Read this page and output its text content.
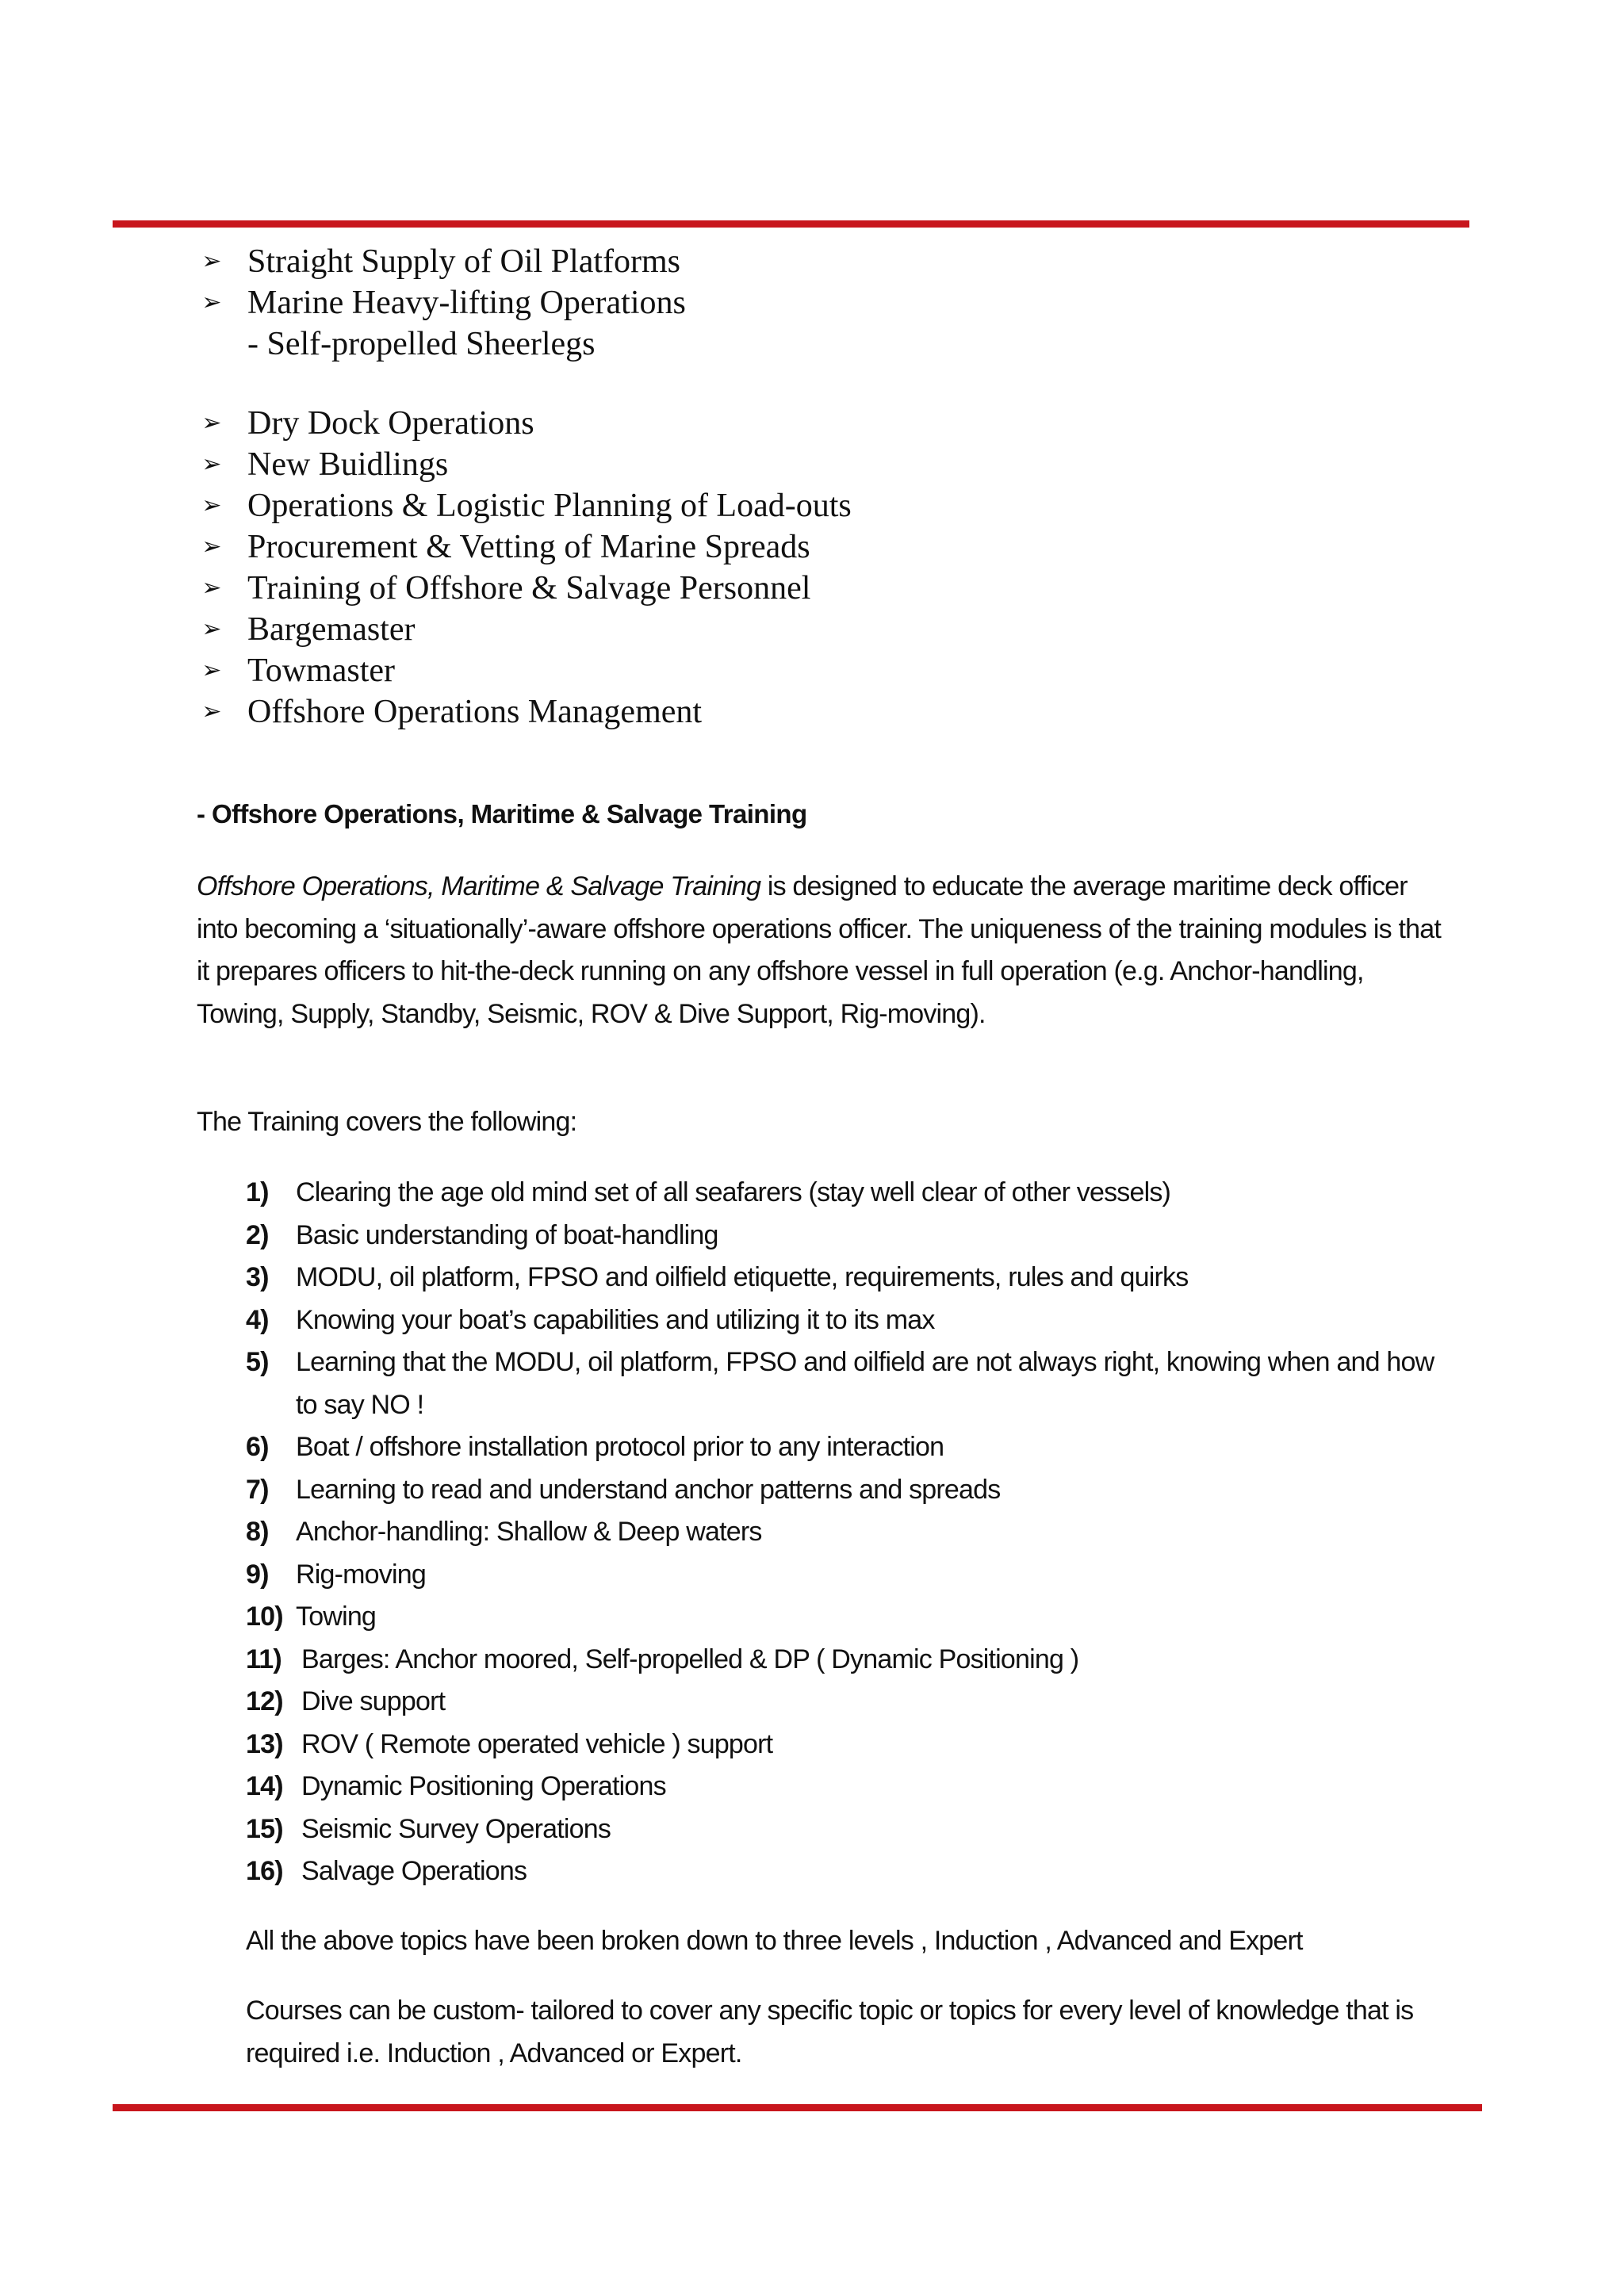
➢ Straight Supply of Oil Platforms
➢ Marine Heavy-lifting Operations
- Self-propelled Sheerlegs
➢ Dry Dock Operations
➢ New Buidlings
➢ Operations & Logistic Planning of Load-outs
➢ Procurement & Vetting of Marine Spreads
➢ Training of Offshore & Salvage Personnel
➢ Bargemaster
➢ Towmaster
➢ Offshore Operations Management
- Offshore Operations, Maritime & Salvage Training

Offshore Operations, Maritime & Salvage Training is designed to educate the average maritime deck officer into becoming a ‘situationally’-aware offshore operations officer. The uniqueness of the training modules is that it prepares officers to hit-the-deck running on any offshore vessel in full operation (e.g. Anchor-handling, Towing, Supply, Standby, Seismic, ROV & Dive Support, Rig-moving).

The Training covers the following:

1)	Clearing the age old mind set of all seafarers (stay well clear of other vessels)
2)	Basic understanding of boat-handling
3)	MODU, oil platform, FPSO and oilfield etiquette, requirements, rules and quirks
4)	Knowing your boat’s capabilities and utilizing it to its max
5)	Learning that the MODU, oil platform, FPSO and oilfield are not always right, knowing when and how to say NO !
6)	Boat / offshore installation protocol prior to any interaction
7)	Learning to read and understand anchor patterns and spreads
8)	Anchor-handling: Shallow & Deep waters
9)	Rig-moving
10) Towing
11) Barges: Anchor moored, Self-propelled & DP ( Dynamic Positioning )
12) Dive support
13) ROV ( Remote operated vehicle ) support
14) Dynamic Positioning Operations
15) Seismic Survey Operations
16) Salvage Operations

All the above topics have been broken down to three levels , Induction , Advanced and Expert

Courses can be custom- tailored to cover any specific topic or topics for every level of knowledge that is required i.e. Induction , Advanced or Expert.
